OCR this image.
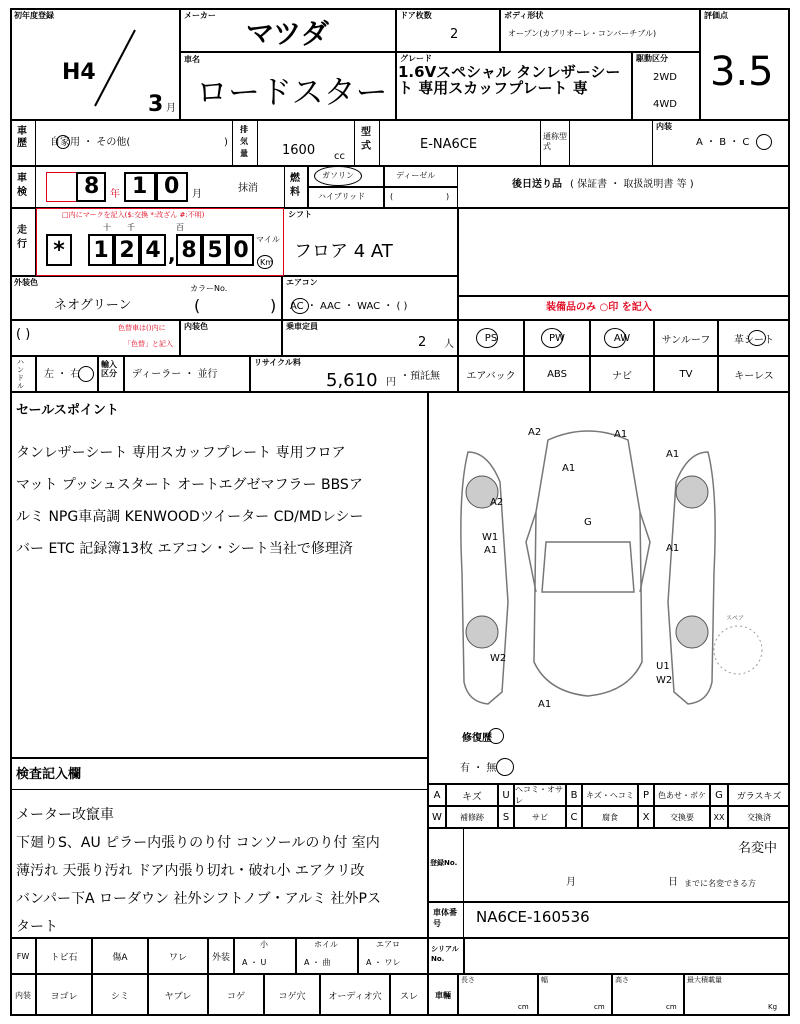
初年度登録
H4
3 月
メーカー
マツダ
車名
ロードスター
ドア枚数
2
ボディ形状
オープン(カブリオーレ・コンバーチブル)
評価点
3.5
グレード
1.6Vスペシャル タンレザーシート 専用スカッフプレート 専
駆動区分
2WD
4WD
車歴 自家用 ・ その他(	)
排気量	1600 cc
型式	E-NA6CE
通称型式
内装
A ・ B ・ C
車検	8 年 1 0 月
抹消
燃料
ガソリン	ディーゼル
ハイブリッド	(	)
後日送り品 ( 保証書 ・ 取扱説明書 等 )
走行
□内にマークを記入($:交換 *:改ざん #:不明)
十 千	百
*	1 2 4 , 8 5 0 マイル
Km
シフト
フロア 4 AT
外装色
ネオグリーン
カラーNo.
(	)
エアコン
AC ・ AAC ・ WAC ・ ( )	装備品のみ ○印 を記入
( )	色替車は()内に
「色替」と記入
内装色	乗車定員
2 人
PS	PW	AW	サンルーフ	革シート
ハンドル
左 ・ 右
輸入区分	ディーラー ・ 並行
リサイクル料
5,610 円
・預託無	エアバック	ABS	ナビ	TV	キーレス
セールスポイント
タンレザーシート 専用スカッフプレート 専用フロア
マット プッシュスタート オートエグゼマフラー BBSア
ルミ NPG車高調 KENWOODツイーター CD/MDレシー
バー ETC 記録簿13枚 エアコン・シート当社で修理済
A2	A1
A1
A1
A2
G
W1
A1	A1
W2
U1
W2
A1
スペア
修復歴
有 ・ 無
検査記入欄
メーター改竄車
下廻りS、AU ピラー内張りのり付 コンソールのり付 室内
薄汚れ 天張り汚れ ドア内張り切れ・破れ小 エアクリ改
バンパー下A ローダウン 社外シフトノブ・アルミ 社外Pス
タート
A	キズ	U ヘコミ・オサレ	B	キズ・ヘコミ P	色あせ・ボケ G	ガラスキズ
W	補修跡	S	サビ	C	腐食	X	交換要	XX	交換済
登録No.
名変中
月	日 までに名変できる方
車体番号	NA6CE-160536
FW	トビ石	傷A	ワレ	外装
小
A ・ U
ホイル
A ・ 曲
エアロ
A ・ ワレ
シリアルNo.
内装	ヨゴレ	シミ	ヤブレ	コゲ	コゲ穴	オーディオ穴	スレ	車輛
長さ
cm
幅
cm
高さ
cm
最大積載量
Kg
